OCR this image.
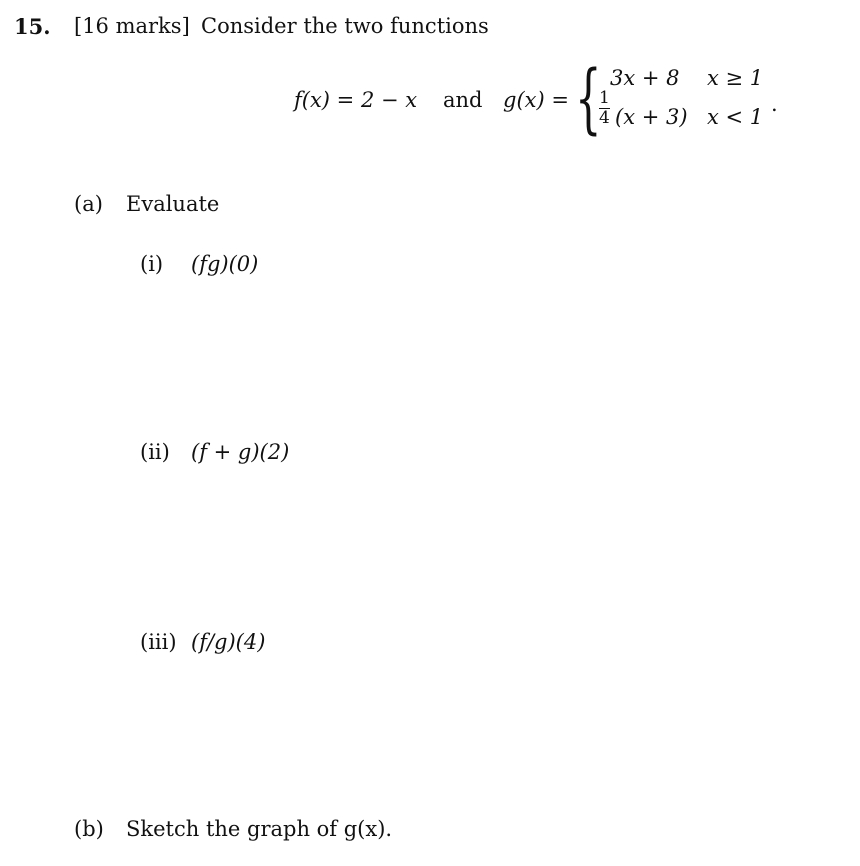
15. [16 marks] Consider the two functions
f(x) = 2 − x and g(x) = { 3x + 8 x ≥ 1
1
4 (x + 3) x < 1
.
(a) Evaluate
(i) (fg)(0)
(ii) (f + g)(2)
(iii) (f/g)(4)
(b) Sketch the graph of g(x).
